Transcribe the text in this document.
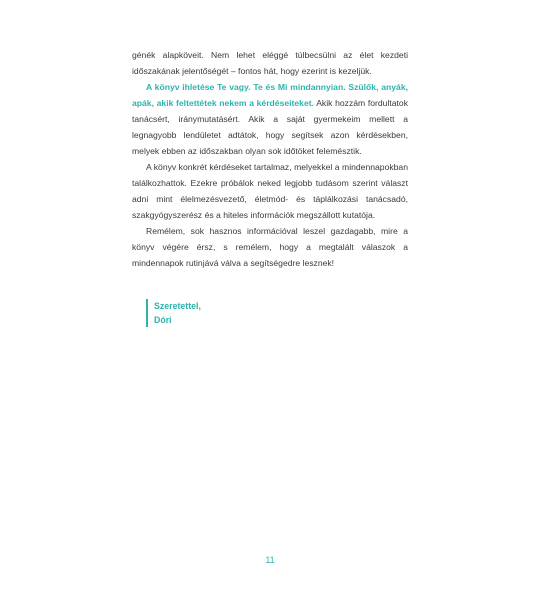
génék alapköveit. Nem lehet eléggé túlbecsülni az élet kezdeti időszakának jelentőségét – fontos hát, hogy ezerint is kezeljük.

A könyv ihletése Te vagy. Te és Mi mindannyian. Szülők, anyák, apák, akik feltettétek nekem a kérdéseiteket. Akik hozzám fordultatok tanácsért, iránymutatásért. Akik a saját gyermekeim mellett a legnagyobb lendületet adtátok, hogy segítsek azon kérdésekben, melyek ebben az időszakban olyan sok időtöket felemésztik.

A könyv konkrét kérdéseket tartalmaz, melyekkel a mindennapokban találkozhattok. Ezekre próbálok neked legjobb tudásom szerint választ adni mint élelmezésvezető, életmód- és táplálkozási tanácsadó, szakgyógyszerész és a hiteles információk megszállott kutatója.

Remélem, sok hasznos információval leszel gazdagabb, mire a könyv végére érsz, s remélem, hogy a megtalált válaszok a mindennapok rutinjává válva a segítségedre lesznek!

Szeretettel,
Dóri
11
